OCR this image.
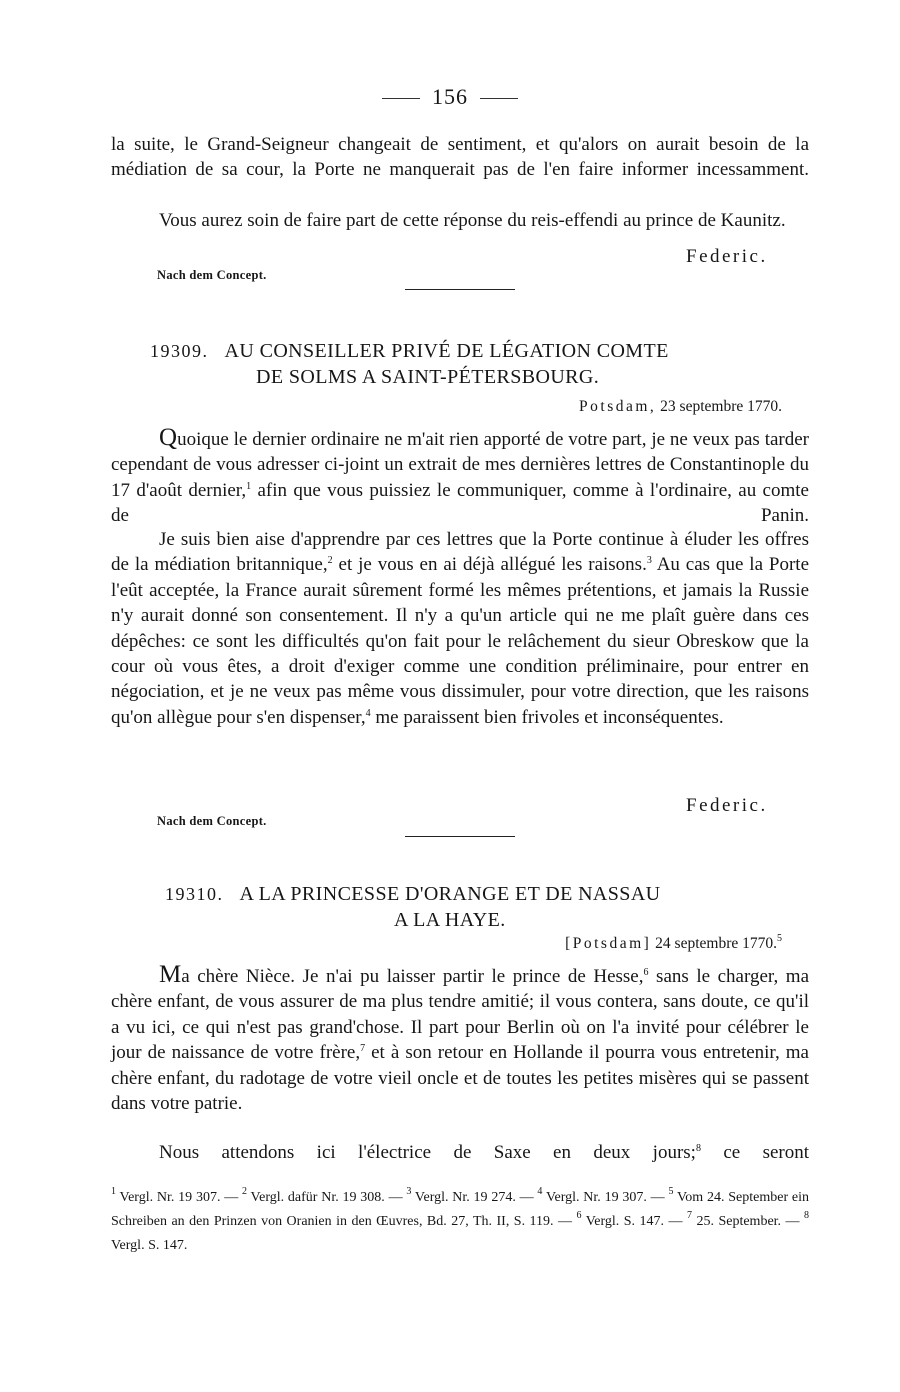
156

la suite, le Grand-Seigneur changeait de sentiment, et qu'alors on aurait besoin de la médiation de sa cour, la Porte ne manquerait pas de l'en faire informer incessamment.

Vous aurez soin de faire part de cette réponse du reis-effendi au prince de Kaunitz.

Federic.
Nach dem Concept.
19309. AU CONSEILLER PRIVÉ DE LÉGATION COMTE
DE SOLMS A SAINT-PÉTERSBOURG.
Potsdam, 23 septembre 1770.

Quoique le dernier ordinaire ne m'ait rien apporté de votre part, je ne veux pas tarder cependant de vous adresser ci-joint un extrait de mes dernières lettres de Constantinople du 17 d'août dernier,$^1$ afin que vous puissiez le communiquer, comme à l'ordinaire, au comte de Panin.

Je suis bien aise d'apprendre par ces lettres que la Porte continue à éluder les offres de la médiation britannique,$^2$ et je vous en ai déjà allégué les raisons.$^3$ Au cas que la Porte l'eût acceptée, la France aurait sûrement formé les mêmes prétentions, et jamais la Russie n'y aurait donné son consentement. Il n'y a qu'un article qui ne me plaît guère dans ces dépêches: ce sont les difficultés qu'on fait pour le relâchement du sieur Obreskow que la cour où vous êtes, a droit d'exiger comme une condition préliminaire, pour entrer en négociation, et je ne veux pas même vous dissimuler, pour votre direction, que les raisons qu'on allègue pour s'en dispenser,$^4$ me paraissent bien frivoles et inconséquentes.

Federic.
Nach dem Concept.
19310. A LA PRINCESSE D'ORANGE ET DE NASSAU
A LA HAYE.
[Potsdam] 24 septembre 1770.$^5$

Ma chère Nièce. Je n'ai pu laisser partir le prince de Hesse,$^6$ sans le charger, ma chère enfant, de vous assurer de ma plus tendre amitié; il vous contera, sans doute, ce qu'il a vu ici, ce qui n'est pas grand'chose. Il part pour Berlin où on l'a invité pour célébrer le jour de naissance de votre frère,$^7$ et à son retour en Hollande il pourra vous entretenir, ma chère enfant, du radotage de votre vieil oncle et de toutes les petites misères qui se passent dans votre patrie.

Nous attendons ici l'électrice de Saxe en deux jours;$^8$ ce seront

$^1$ Vergl. Nr. 19 307. — $^2$ Vergl. dafür Nr. 19 308. — $^3$ Vergl. Nr. 19 274. — $^4$ Vergl. Nr. 19 307. — $^5$ Vom 24. September ein Schreiben an den Prinzen von Oranien in den Œuvres, Bd. 27, Th. II, S. 119. — $^6$ Vergl. S. 147. — $^7$ 25. September. — $^8$ Vergl. S. 147.
